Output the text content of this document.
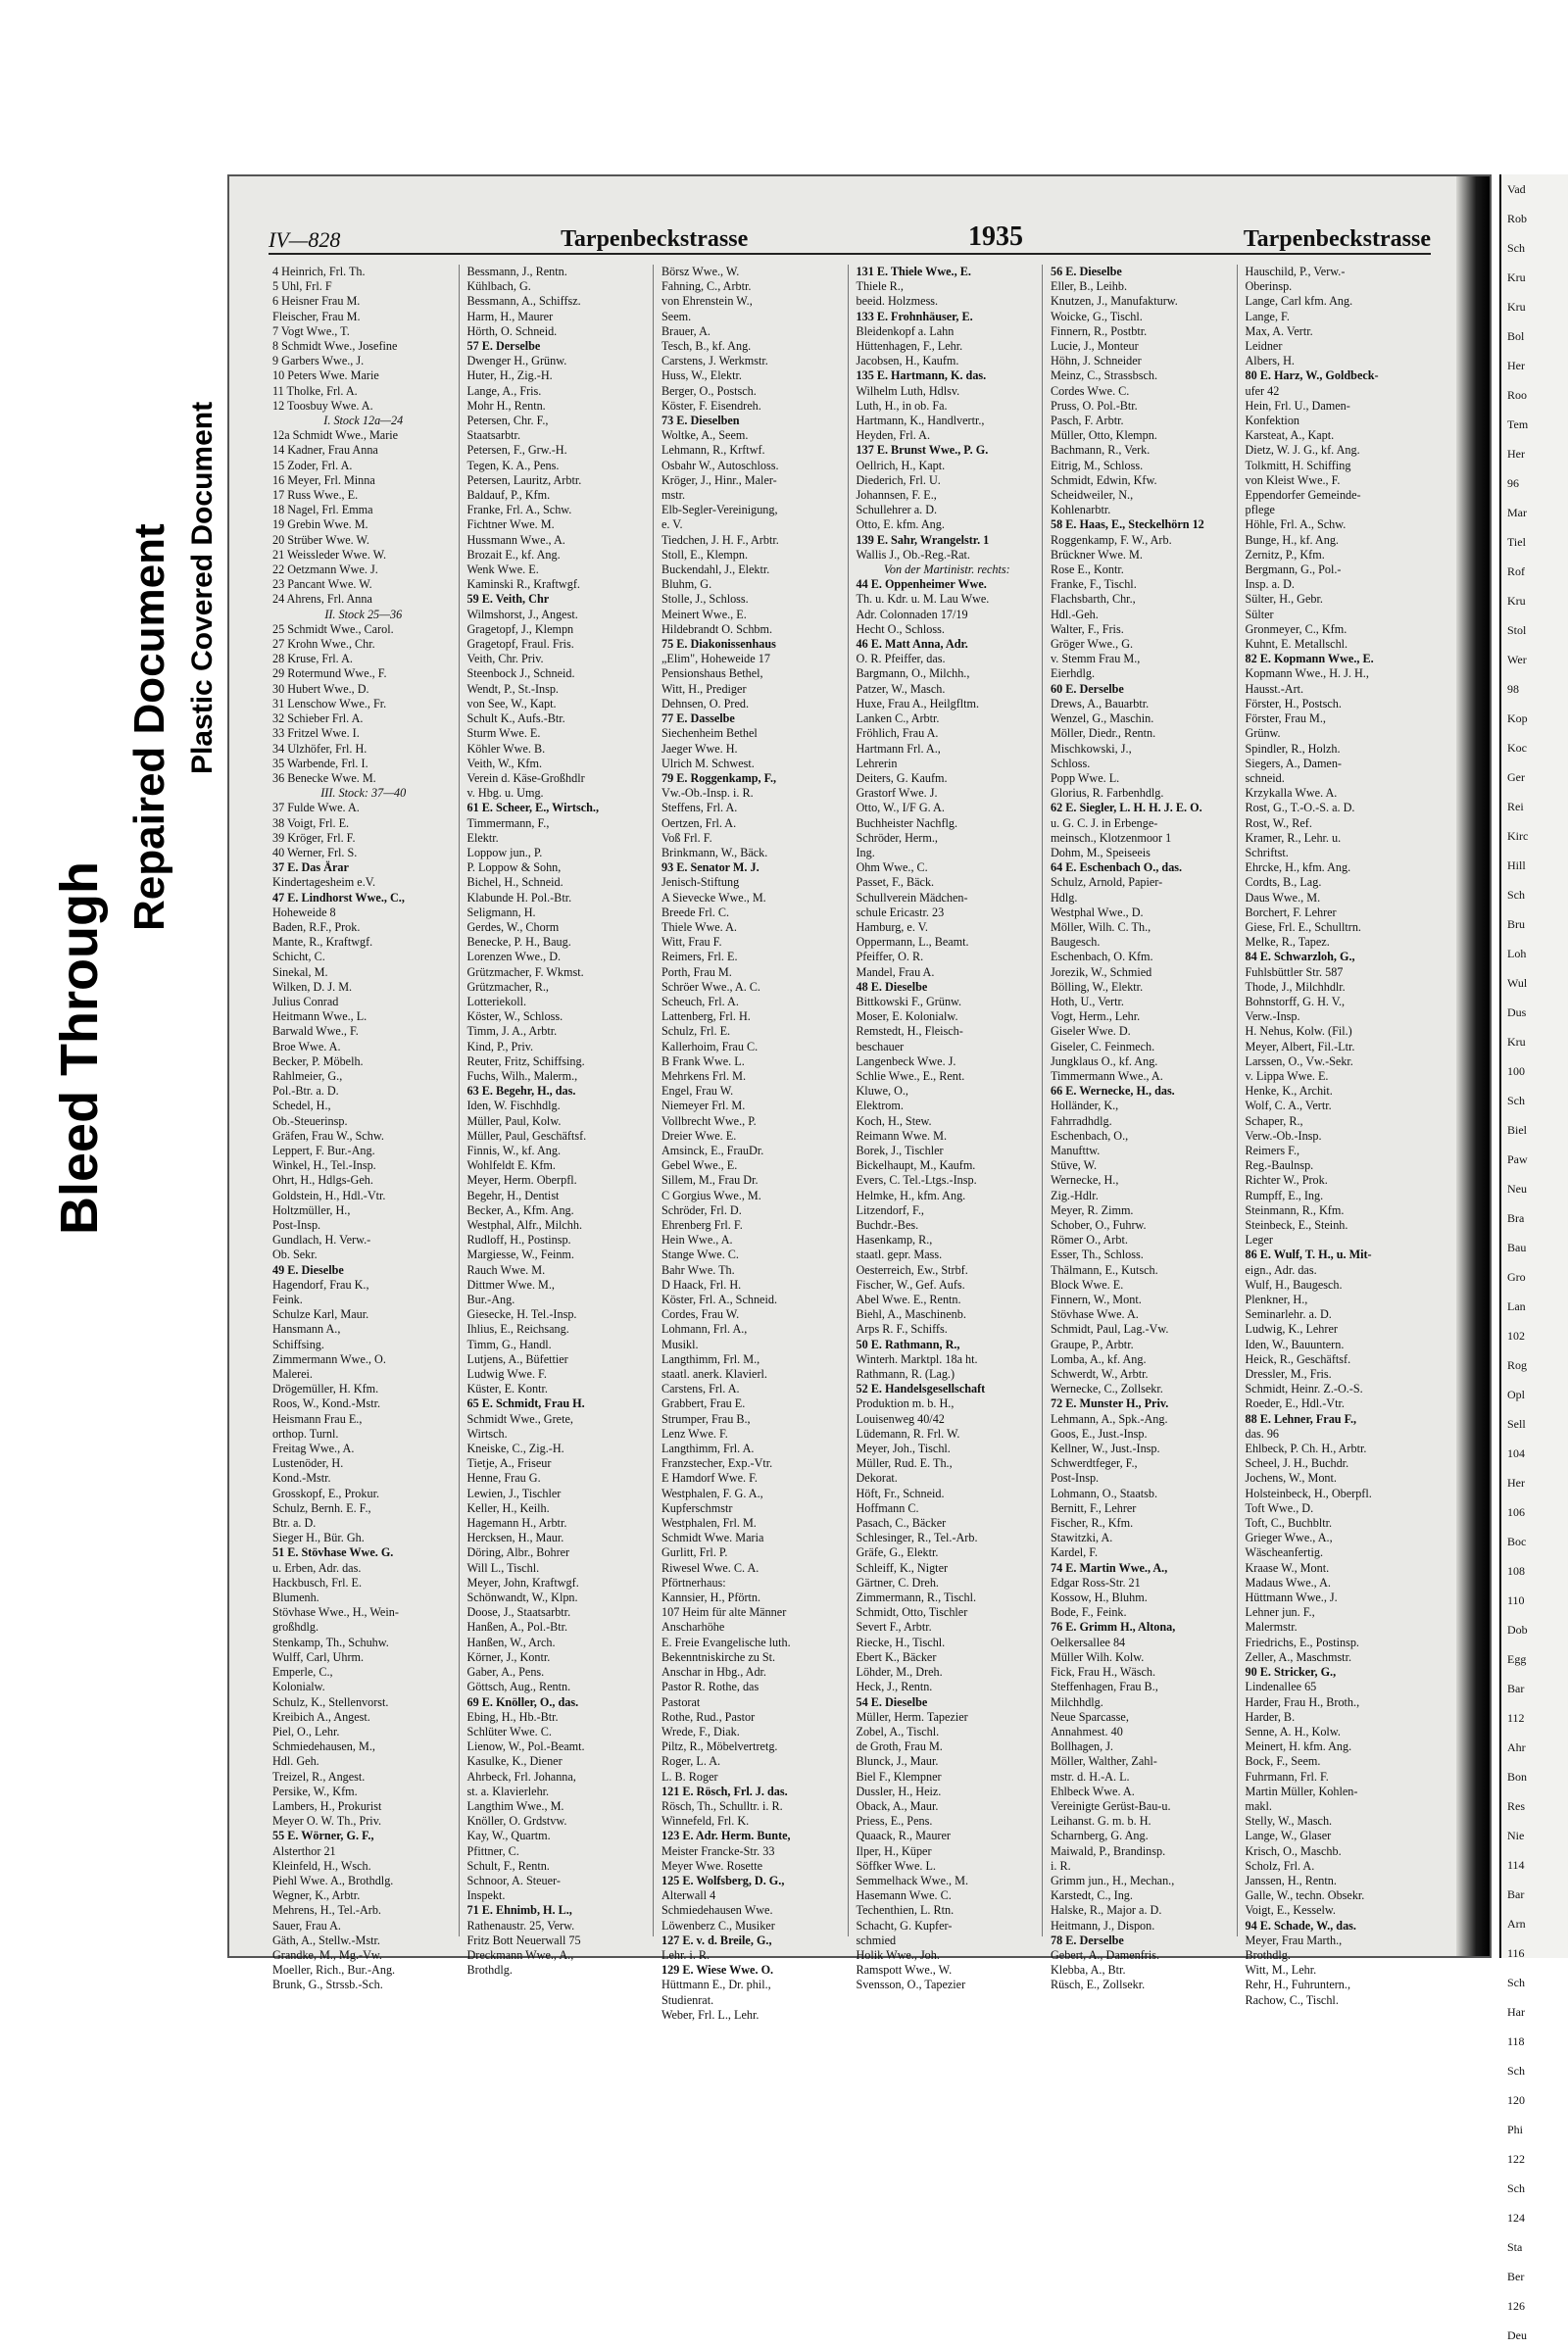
Bleed Through
Repaired Document Plastic Covered Document
IV—828	Tarpenbeckstrasse	1935	Tarpenbeckstrasse
4 Heinrich, Frl. Th.
5 Uhl, Frl. F
6 Heisner Frau M.
Fleischer, Frau M.
7 Vogt Wwe., T.
8 Schmidt Wwe., Josefine
9 Garbers Wwe., J.
10 Peters Wwe. Marie
11 Tholke, Frl. A.
12 Toosbuy Wwe. A.
I. Stock 12a—24
12a Schmidt Wwe., Marie
14 Kadner, Frau Anna
15 Zoder, Frl. A.
16 Meyer, Frl. Minna
17 Russ Wwe., E.
18 Nagel, Frl. Emma
19 Grebin Wwe. M.
20 Strüber Wwe. W.
21 Weissleder Wwe. W.
22 Oetzmann Wwe. J.
23 Pancant Wwe. W.
24 Ahrens, Frl. Anna
II. Stock 25—36
25 Schmidt Wwe., Carol.
27 Krohn Wwe., Chr.
28 Kruse, Frl. A.
29 Rotermund Wwe., F.
30 Hubert Wwe., D.
31 Lenschow Wwe., Fr.
32 Schieber Frl. A.
33 Fritzel Wwe. I.
34 Ulzhöfer, Frl. H.
35 Warbende, Frl. I.
36 Benecke Wwe. M.
III. Stock: 37—40
37 Fulde Wwe. A.
38 Voigt, Frl. E.
39 Kröger, Frl. F.
40 Werner, Frl. S.
37 E. Das Ärar
Kindertagesheim e.V.
47 E. Lindhorst Wwe., C.,
Hoheweide 8
Baden, R.F., Prok.
Mante, R., Kraftwgf.
Schicht, C.
Sinekal, M.
Wilken, D. J. M.
Julius Conrad
Heitmann Wwe., L.
Barwald Wwe., F.
Broe Wwe. A.
Becker, P. Möbelh.
Rahlmeier, G.,
Pol.-Btr. a. D.
Schedel, H.,
Ob.-Steuerinsp.
Gräfen, Frau W., Schw.
Leppert, F. Bur.-Ang.
Winkel, H., Tel.-Insp.
Ohrt, H., Hdlgs-Geh.
Goldstein, H., Hdl.-Vtr.
Holtzmüller, H.,
Post-Insp.
Gundlach, H. Verw.-
Ob. Sekr.
49 E. Dieselbe
Hagendorf, Frau K.,
Feink.
Schulze Karl, Maur.
Hansmann A.,
Schiffsing.
Zimmermann Wwe., O.
Malerei.
Drögemüller, H. Kfm.
Roos, W., Kond.-Mstr.
Heismann Frau E.,
orthop. Turnl.
Freitag Wwe., A.
Lustenöder, H.
Kond.-Mstr.
Grosskopf, E., Prokur.
Schulz, Bernh. E. F.,
Btr. a. D.
Sieger H., Bür. Gh.
51 E. Stövhase Wwe. G.
u. Erben, Adr. das.
Hackbusch, Frl. E.
Blumenh.
Stövhase Wwe., H., Wein-
großhdlg.
Stenkamp, Th., Schuhw.
Wulff, Carl, Uhrm.
Emperle, C.,
Kolonialw.
Schulz, K., Stellenvorst.
Kreibich A., Angest.
Piel, O., Lehr.
Schmiedehausen, M.,
Hdl. Geh.
Treizel, R., Angest.
Persike, W., Kfm.
Lambers, H., Prokurist
Meyer O. W. Th., Priv.
55 E. Wörner, G. F.,
Alsterthor 21
Kleinfeld, H., Wsch.
Piehl Wwe. A., Brothdlg.
Wegner, K., Arbtr.
Mehrens, H., Tel.-Arb.
Sauer, Frau A.
Gäth, A., Stellw.-Mstr.
Grandke, M., Mg.-Vw.
Moeller, Rich., Bur.-Ang.
Brunk, G., Strssb.-Sch.
Bessmann, J., Rentn.
Kühlbach, G.
Bessmann, A., Schiffsz.
Harm, H., Maurer
Hörth, O. Schneid.
57 E. Derselbe
Dwenger H., Grünw.
Huter, H., Zig.-H.
Lange, A., Fris.
Mohr H., Rentn.
Petersen, Chr. F.,
Staatsarbtr.
Petersen, F., Grw.-H.
Tegen, K. A., Pens.
Petersen, Lauritz, Arbtr.
Baldauf, P., Kfm.
Franke, Frl. A., Schw.
Fichtner Wwe. M.
Hussmann Wwe., A.
Brozait E., kf. Ang.
Wenk Wwe. E.
Kaminski R., Kraftwgf.
59 E. Veith, Chr
Wilmshorst, J., Angest.
Gragetopf, J., Klempn
Gragetopf, Fraul. Fris.
Veith, Chr. Priv.
Steenbock J., Schneid.
Wendt, P., St.-Insp.
von See, W., Kapt.
Schult K., Aufs.-Btr.
Sturm Wwe. E.
Köhler Wwe. B.
Veith, W., Kfm.
Verein d. Käse-Großhdlr
v. Hbg. u. Umg.
61 E. Scheer, E., Wirtsch.,
Timmermann, F.,
Elektr.
Loppow jun., P.
P. Loppow & Sohn,
Bichel, H., Schneid.
Klabunde H. Pol.-Btr.
Seligmann, H.
Gerdes, W., Chorm
Benecke, P. H., Baug.
Lorenzen Wwe., D.
Grützmacher, F. Wkmst.
Grützmacher, R.,
Lotteriekoll.
Köster, W., Schloss.
Timm, J. A., Arbtr.
Kind, P., Priv.
Reuter, Fritz, Schiffsing.
Fuchs, Wilh., Malerm.,
63 E. Begehr, H., das.
Iden, W. Fischhdlg.
Müller, Paul, Kolw.
Müller, Paul, Geschäftsf.
Finnis, W., kf. Ang.
Wohlfeldt E. Kfm.
Meyer, Herm. Oberpfl.
Begehr, H., Dentist
Becker, A., Kfm. Ang.
Westphal, Alfr., Milchh.
Rudloff, H., Postinsp.
Margiesse, W., Feinm.
Rauch Wwe. M.
Dittmer Wwe. M.,
Bur.-Ang.
Giesecke, H. Tel.-Insp.
Ihlius, E., Reichsang.
Timm, G., Handl.
Lutjens, A., Büfettier
Ludwig Wwe. F.
Küster, E. Kontr.
65 E. Schmidt, Frau H.
Schmidt Wwe., Grete,
Wirtsch.
Kneiske, C., Zig.-H.
Tietje, A., Friseur
Henne, Frau G.
Lewien, J., Tischler
Keller, H., Keilh.
Hagemann H., Arbtr.
Hercksen, H., Maur.
Döring, Albr., Bohrer
Will L., Tischl.
Meyer, John, Kraftwgf.
Schönwandt, W., Klpn.
Doose, J., Staatsarbtr.
Hanßen, A., Pol.-Btr.
Hanßen, W., Arch.
Körner, J., Kontr.
Gaber, A., Pens.
Göttsch, Aug., Rentn.
69 E. Knöller, O., das.
Ebing, H., Hb.-Btr.
Schlüter Wwe. C.
Lienow, W., Pol.-Beamt.
Kasulke, K., Diener
Ahrbeck, Frl. Johanna,
st. a. Klavierlehr.
Langthim Wwe., M.
Knöller, O. Grdstvw.
Kay, W., Quartm.
Pfittner, C.
Schult, F., Rentn.
Schnoor, A. Steuer-
Inspekt.
71 E. Ehnimb, H. L.,
Rathenaustr. 25, Verw.
Fritz Bott Neuerwall 75
Dreckmann Wwe., A.,
Brothdlg.
Börsz Wwe., W.
Fahning, C., Arbtr.
von Ehrenstein W.,
Seem.
Brauer, A.
Tesch, B., kf. Ang.
Carstens, J. Werkmstr.
Huss, W., Elektr.
Berger, O., Postsch.
Köster, F. Eisendreh.
73 E. Dieselben
Woltke, A., Seem.
Lehmann, R., Krftwf.
Osbahr W., Autoschloss.
Kröger, J., Hinr., Maler-
mstr.
Elb-Segler-Vereinigung,
e. V.
Tiedchen, J. H. F., Arbtr.
Stoll, E., Klempn.
Buckendahl, J., Elektr.
Bluhm, G.
Stolle, J., Schloss.
Meinert Wwe., E.
Hildebrandt O. Schbm.
75 E. Diakonissenhaus
„Elim", Hoheweide 17
Pensionshaus Bethel,
Witt, H., Prediger
Dehnsen, O. Pred.
77 E. Dasselbe
Siechenheim Bethel
Jaeger Wwe. H.
Ulrich M. Schwest.
79 E. Roggenkamp, F.,
Vw.-Ob.-Insp. i. R.
Steffens, Frl. A.
Oertzen, Frl. A.
Voß Frl. F.
Brinkmann, W., Bäck.
93 E. Senator M. J.
Jenisch-Stiftung
A Sievecke Wwe., M.
Breede Frl. C.
Thiele Wwe. A.
Witt, Frau F.
Reimers, Frl. E.
Porth, Frau M.
Schröer Wwe., A. C.
Scheuch, Frl. A.
Lattenberg, Frl. H.
Schulz, Frl. E.
Kallerhoim, Frau C.
B Frank Wwe. L.
Mehrkens Frl. M.
Engel, Frau W.
Niemeyer Frl. M.
Vollbrecht Wwe., P.
Dreier Wwe. E.
Amsinck, E., FrauDr.
Gebel Wwe., E.
Sillem, M., Frau Dr.
C Gorgius Wwe., M.
Schröder, Frl. D.
Ehrenberg Frl. F.
Hein Wwe., A.
Stange Wwe. C.
Bahr Wwe. Th.
D Haack, Frl. H.
Köster, Frl. A., Schneid.
Cordes, Frau W.
Lohmann, Frl. A.,
Musikl.
Langthimm, Frl. M.,
staatl. anerk. Klavierl.
Carstens, Frl. A.
Grabbert, Frau E.
Strumper, Frau B.,
Lenz Wwe. F.
Langthimm, Frl. A.
Franzstecher, Exp.-Vtr.
E Hamdorf Wwe. F.
Westphalen, F. G. A.,
Kupferschmstr
Westphalen, Frl. M.
Schmidt Wwe. Maria
Gurlitt, Frl. P.
Riwesel Wwe. C. A.
Pförtnerhaus:
Kannsier, H., Pförtn.
107 Heim für alte Männer
Anscharhöhe
E. Freie Evangelische luth.
Bekenntniskirche zu St.
Anschar in Hbg., Adr.
Pastor R. Rothe, das
Pastorat
Rothe, Rud., Pastor
Wrede, F., Diak.
Piltz, R., Möbelvertretg.
Roger, L. A.
L. B. Roger
121 E. Rösch, Frl. J. das.
Rösch, Th., Schulltr. i. R.
Winnefeld, Frl. K.
123 E. Adr. Herm. Bunte,
Meister Francke-Str. 33
Meyer Wwe. Rosette
125 E. Wolfsberg, D. G.,
Alterwall 4
Schmiedehausen Wwe.
Löwenberz C., Musiker
127 E. v. d. Breile, G.,
Lehr. i. R.
129 E. Wiese Wwe. O.
Hüttmann E., Dr. phil.,
Studienrat.
Weber, Frl. L., Lehr.
131 E. Thiele Wwe., E.
Thiele R.,
beeid. Holzmess.
133 E. Frohnhäuser, E.
Bleidenkopf a. Lahn
Hüttenhagen, F., Lehr.
Jacobsen, H., Kaufm.
135 E. Hartmann, K. das.
Wilhelm Luth, Hdlsv.
Luth, H., in ob. Fa.
Hartmann, K., Handlvertr.,
Heyden, Frl. A.
137 E. Brunst Wwe., P. G.
Oellrich, H., Kapt.
Diederich, Frl. U.
Johannsen, F. E.,
Schullehrer a. D.
Otto, E. kfm. Ang.
139 E. Sahr, Wrangelstr. 1
Wallis J., Ob.-Reg.-Rat.
Von der Martinistr. rechts:
44 E. Oppenheimer Wwe.
Th. u. Kdr. u. M. Lau Wwe.
Adr. Colonnaden 17/19
Hecht O., Schloss.
46 E. Matt Anna, Adr.
O. R. Pfeiffer, das.
Bargmann, O., Milchh.,
Patzer, W., Masch.
Huxe, Frau A., Heilgfltm.
Lanken C., Arbtr.
Fröhlich, Frau A.
Hartmann Frl. A.,
Lehrerin
Deiters, G. Kaufm.
Grastorf Wwe. J.
Otto, W., I/F G. A.
Buchheister Nachflg.
Schröder, Herm.,
Ing.
Ohm Wwe., C.
Passet, F., Bäck.
Schullverein Mädchen-
schule Ericastr. 23
Hamburg, e. V.
Oppermann, L., Beamt.
Pfeiffer, O. R.
Mandel, Frau A.
48 E. Dieselbe
Bittkowski F., Grünw.
Moser, E. Kolonialw.
Remstedt, H., Fleisch-
beschauer
Langenbeck Wwe. J.
Schlie Wwe., E., Rent.
Kluwe, O.,
Elektrom.
Koch, H., Stew.
Reimann Wwe. M.
Borek, J., Tischler
Bickelhaupt, M., Kaufm.
Evers, C. Tel.-Ltgs.-Insp.
Helmke, H., kfm. Ang.
Litzendorf, F.,
Buchdr.-Bes.
Hasenkamp, R.,
staatl. gepr. Mass.
Oesterreich, Ew., Strbf.
Fischer, W., Gef. Aufs.
Abel Wwe. E., Rentn.
Biehl, A., Maschinenb.
Arps R. F., Schiffs.
50 E. Rathmann, R.,
Winterh. Marktpl. 18a ht.
Rathmann, R. (Lag.)
52 E. Handelsgesellschaft
Produktion m. b. H.,
Louisenweg 40/42
Lüdemann, R. Frl. W.
Meyer, Joh., Tischl.
Müller, Rud. E. Th.,
Dekorat.
Höft, Fr., Schneid.
Hoffmann C.
Pasach, C., Bäcker
Schlesinger, R., Tel.-Arb.
Gräfe, G., Elektr.
Schleiff, K., Nigter
Gärtner, C. Dreh.
Zimmermann, R., Tischl.
Schmidt, Otto, Tischler
Severt F., Arbtr.
Riecke, H., Tischl.
Ebert K., Bäcker
Löhder, M., Dreh.
Heck, J., Rentn.
54 E. Dieselbe
Müller, Herm. Tapezier
Zobel, A., Tischl.
de Groth, Frau M.
Blunck, J., Maur.
Biel F., Klempner
Dussler, H., Heiz.
Oback, A., Maur.
Priess, E., Pens.
Quaack, R., Maurer
Ilper, H., Küper
Söffker Wwe. L.
Semmelhack Wwe., M.
Hasemann Wwe. C.
Techenthien, L. Rtn.
Schacht, G. Kupfer-
schmied
Holik Wwe., Joh.
Ramspott Wwe., W.
Svensson, O., Tapezier
56 E. Dieselbe
Eller, B., Leihb.
Knutzen, J., Manufakturw.
Woicke, G., Tischl.
Finnern, R., Postbtr.
Lucie, J., Monteur
Höhn, J. Schneider
Meinz, C., Strassbsch.
Cordes Wwe. C.
Pruss, O. Pol.-Btr.
Pasch, F. Arbtr.
Müller, Otto, Klempn.
Bachmann, R., Verk.
Eitrig, M., Schloss.
Schmidt, Edwin, Kfw.
Scheidweiler, N.,
Kohlenarbtr.
58 E. Haas, E., Steckelhörn 12
Roggenkamp, F. W., Arb.
Brückner Wwe. M.
Rose E., Kontr.
Franke, F., Tischl.
Flachsbarth, Chr.,
Hdl.-Geh.
Walter, F., Fris.
Gröger Wwe., G.
v. Stemm Frau M.,
Eierhdlg.
60 E. Derselbe
Drews, A., Bauarbtr.
Wenzel, G., Maschin.
Möller, Diedr., Rentn.
Mischkowski, J.,
Schloss.
Popp Wwe. L.
Glorius, R. Farbenhdlg.
62 E. Siegler, L. H. H. J. E. O.
u. G. C. J. in Erbenge-
meinsch., Klotzenmoor 1
Dohm, M., Speiseeis
64 E. Eschenbach O., das.
Schulz, Arnold, Papier-
Hdlg.
Westphal Wwe., D.
Möller, Wilh. C. Th.,
Baugesch.
Eschenbach, O. Kfm.
Jorezik, W., Schmied
Bölling, W., Elektr.
Hoth, U., Vertr.
Vogt, Herm., Lehr.
Giseler Wwe. D.
Giseler, C. Feinmech.
Jungklaus O., kf. Ang.
Timmermann Wwe., A.
66 E. Wernecke, H., das.
Holländer, K.,
Fahrradhdlg.
Eschenbach, O.,
Manufttw.
Stüve, W.
Wernecke, H.,
Zig.-Hdlr.
Meyer, R. Zimm.
Schober, O., Fuhrw.
Römer O., Arbt.
Esser, Th., Schloss.
Thälmann, E., Kutsch.
Block Wwe. E.
Finnern, W., Mont.
Stövhase Wwe. A.
Schmidt, Paul, Lag.-Vw.
Graupe, P., Arbtr.
Lomba, A., kf. Ang.
Schwerdt, W., Arbtr.
Wernecke, C., Zollsekr.
72 E. Munster H., Priv.
Lehmann, A., Spk.-Ang.
Goos, E., Just.-Insp.
Kellner, W., Just.-Insp.
Schwerdtfeger, F.,
Post-Insp.
Lohmann, O., Staatsb.
Bernitt, F., Lehrer
Fischer, R., Kfm.
Stawitzki, A.
Kardel, F.
74 E. Martin Wwe., A.,
Edgar Ross-Str. 21
Kossow, H., Bluhm.
Bode, F., Feink.
76 E. Grimm H., Altona,
Oelkersallee 84
Müller Wilh. Kolw.
Fick, Frau H., Wäsch.
Steffenhagen, Frau B.,
Milchhdlg.
Neue Sparcasse,
Annahmest. 40
Bollhagen, J.
Möller, Walther, Zahl-
mstr. d. H.-A. L.
Ehlbeck Wwe. A.
Vereinigte Gerüst-Bau-u.
Leihanst. G. m. b. H.
Scharnberg, G. Ang.
Maiwald, P., Brandinsp.
i. R.
Grimm jun., H., Mechan.,
Karstedt, C., Ing.
Halske, R., Major a. D.
Heitmann, J., Dispon.
78 E. Derselbe
Gebert, A., Damenfris.
Klebba, A., Btr.
Rüsch, E., Zollsekr.
Hauschild, P., Verw.-
Oberinsp.
Lange, Carl kfm. Ang.
Lange, F.
Max, A. Vertr.
Leidner
Albers, H.
80 E. Harz, W., Goldbeck-
ufer 42
Hein, Frl. U., Damen-
Konfektion
Karsteat, A., Kapt.
Dietz, W. J. G., kf. Ang.
Tolkmitt, H. Schiffing
von Kleist Wwe., F.
Eppendorfer Gemeinde-
pflege
Höhle, Frl. A., Schw.
Bunge, H., kf. Ang.
Zernitz, P., Kfm.
Bergmann, G., Pol.-
Insp. a. D.
Sülter, H., Gebr.
Sülter
Gronmeyer, C., Kfm.
Kuhnt, E. Metallschl.
82 E. Kopmann Wwe., E.
Kopmann Wwe., H. J. H.,
Hausst.-Art.
Förster, H., Postsch.
Förster, Frau M.,
Grünw.
Spindler, R., Holzh.
Siegers, A., Damen-
schneid.
Krzykalla Wwe. A.
Rost, G., T.-O.-S. a. D.
Rost, W., Ref.
Kramer, R., Lehr. u.
Schriftst.
Ehrcke, H., kfm. Ang.
Cordts, B., Lag.
Daus Wwe., M.
Borchert, F. Lehrer
Giese, Frl. E., Schulltrn.
Melke, R., Tapez.
84 E. Schwarzloh, G.,
Fuhlsbüttler Str. 587
Thode, J., Milchhdlr.
Bohnstorff, G. H. V.,
Verw.-Insp.
H. Nehus, Kolw. (Fil.)
Meyer, Albert, Fil.-Ltr.
Larssen, O., Vw.-Sekr.
v. Lippa Wwe. E.
Henke, K., Archit.
Wolf, C. A., Vertr.
Schaper, R.,
Verw.-Ob.-Insp.
Reimers F.,
Reg.-Baulnsp.
Richter W., Prok.
Rumpff, E., Ing.
Steinmann, R., Kfm.
Steinbeck, E., Steinh.
Leger
86 E. Wulf, T. H., u. Mit-
eign., Adr. das.
Wulf, H., Baugesch.
Plenkner, H.,
Seminarlehr. a. D.
Ludwig, K., Lehrer
Iden, W., Bauuntern.
Heick, R., Geschäftsf.
Dressler, M., Fris.
Schmidt, Heinr. Z.-O.-S.
Roeder, E., Hdl.-Vtr.
88 E. Lehner, Frau F.,
das. 96
Ehlbeck, P. Ch. H., Arbtr.
Scheel, J. H., Buchdr.
Jochens, W., Mont.
Holsteinbeck, H., Oberpfl.
Toft Wwe., D.
Toft, C., Buchbltr.
Grieger Wwe., A.,
Wäscheanfertig.
Kraase W., Mont.
Madaus Wwe., A.
Hüttmann Wwe., J.
Lehner jun. F.,
Malermstr.
Friedrichs, E., Postinsp.
Zeller, A., Maschmstr.
90 E. Stricker, G.,
Lindenallee 65
Harder, Frau H., Broth.,
Harder, B.
Senne, A. H., Kolw.
Meinert, H. kfm. Ang.
Bock, F., Seem.
Fuhrmann, Frl. F.
Martin Müller, Kohlen-
makl.
Stelly, W., Masch.
Lange, W., Glaser
Krisch, O., Maschb.
Scholz, Frl. A.
Janssen, H., Rentn.
Galle, W., techn. Obsekr.
Voigt, E., Kesselw.
94 E. Schade, W., das.
Meyer, Frau Marth.,
Brothdlg.
Witt, M., Lehr.
Rehr, H., Fuhruntern.,
Rachow, C., Tischl.
Vad
Rob
Sch
Kru
Kru
Bol
Her
Roo
Tem
Her
96
Mar
Tiel
Rof
Kru
Stol
Wer
98
Kop
Koc
Ger
Rei
Kirc
Hill
Sch
Bru
Loh
Wul
Dus
Kru
100
Sch
Biel
Paw
Neu
Bra
Bau
Gro
Lan
102
Rog
Opl
Sell
104
Her
106
Boc
108
110
Dob
Egg
Bar
112
Ahr
Bon
Res
Nie
114
Bar
Arn
116
Sch
Har
118
Sch
120
Phi
122
Sch
124
Sta
Ber
126
Deu
